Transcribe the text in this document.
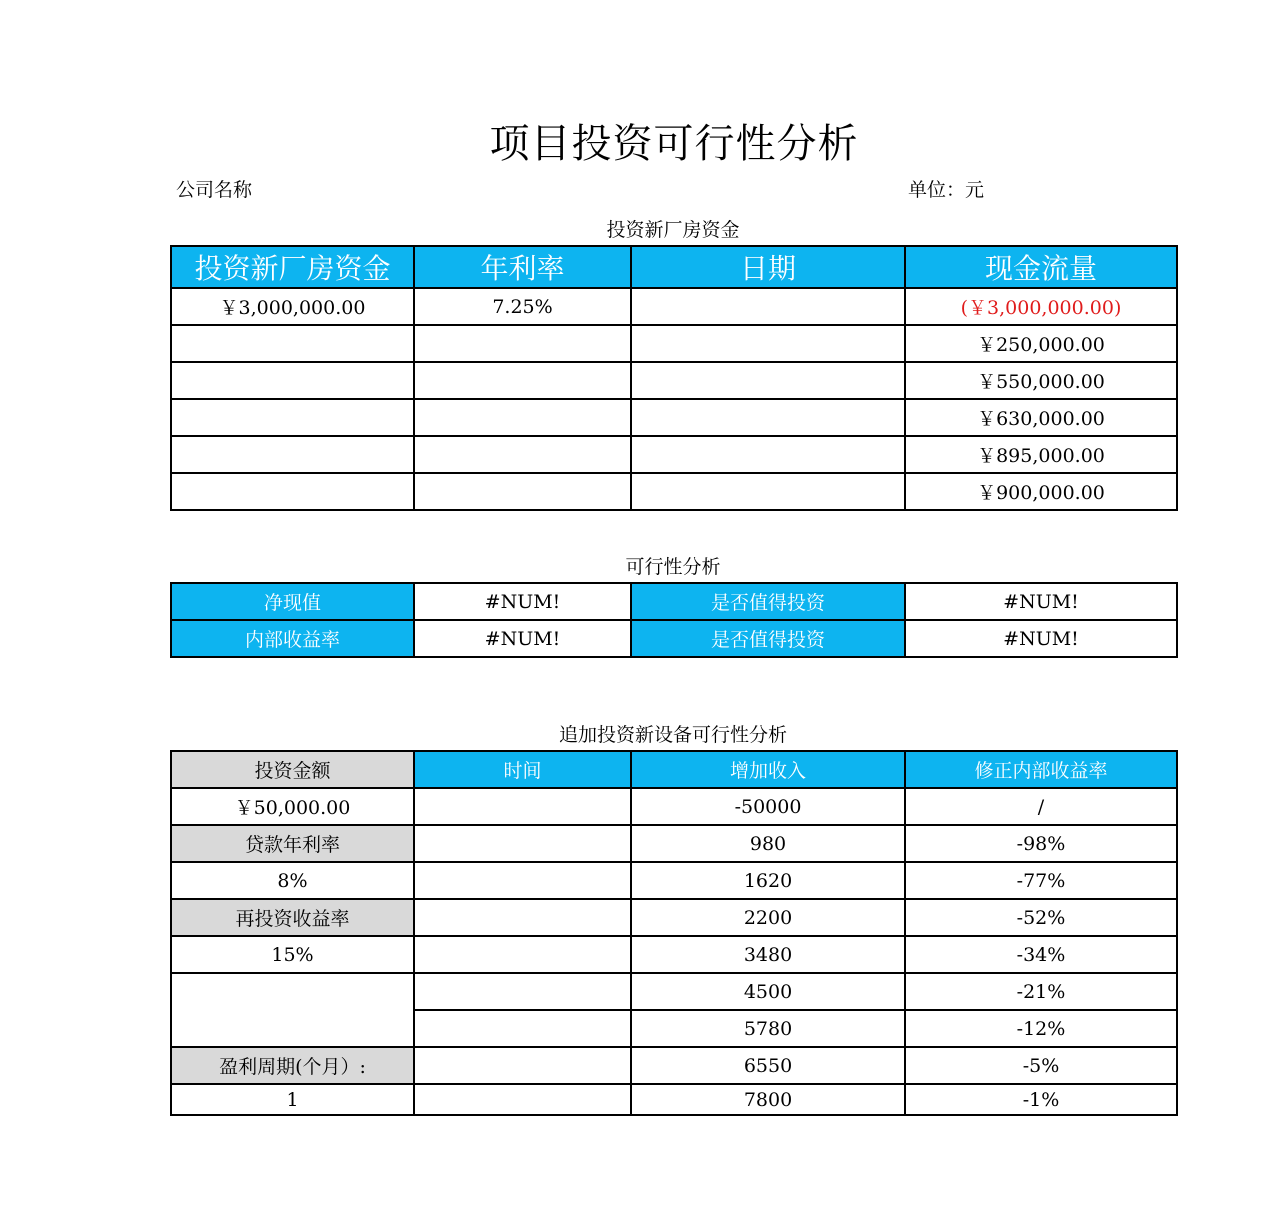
项目投资可行性分析
公司名称	单位：元
投资新厂房资金
投资新厂房资金	年利率	日期	现金流量
￥3,000,000.00	7.25%		(￥3,000,000.00)
			￥250,000.00
			￥550,000.00
			￥630,000.00
			￥895,000.00
			￥900,000.00
可行性分析
净现值	#NUM!	是否值得投资	#NUM!
内部收益率	#NUM!	是否值得投资	#NUM!
追加投资新设备可行性分析
投资金额	时间	增加收入	修正内部收益率
￥50,000.00		-50000	/
贷款年利率		980	-98%
8%		1620	-77%
再投资收益率		2200	-52%
15%		3480	-34%
		4500	-21%
		5780	-12%
盈利周期(个月）:		6550	-5%
1		7800	-1%
